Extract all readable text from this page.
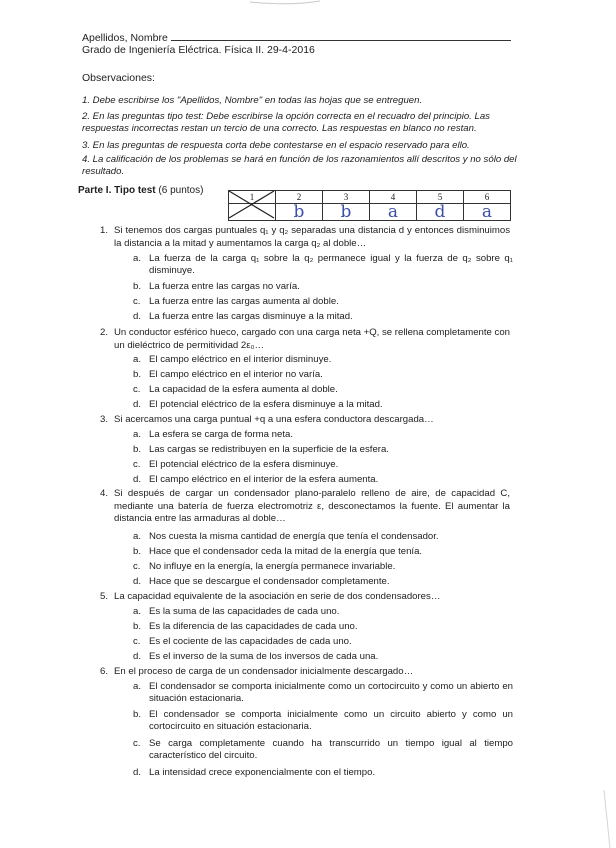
Apellidos, Nombre
Grado de Ingeniería Eléctrica. Física II. 29-4-2016
Observaciones:
1. Debe escribirse los "Apellidos, Nombre" en todas las hojas que se entreguen.
2. En las preguntas tipo test: Debe escribirse la opción correcta en el recuadro del principio. Las respuestas incorrectas restan un tercio de una correcto. Las respuestas en blanco no restan.
3. En las preguntas de respuesta corta debe contestarse en el espacio reservado para ello.
4. La calificación de los problemas se hará en función de los razonamientos allí descritos y no sólo del resultado.
Parte I. Tipo test (6 puntos)
1	2	3	4	5	6
	b	b	a	d	a
1. Si tenemos dos cargas puntuales q₁ y q₂ separadas una distancia d y entonces disminuimos la distancia a la mitad y aumentamos la carga q₂ al doble…
a. La fuerza de la carga q₁ sobre la q₂ permanece igual y la fuerza de q₂ sobre q₁ disminuye.
b. La fuerza entre las cargas no varía.
c. La fuerza entre las cargas aumenta al doble.
d. La fuerza entre las cargas disminuye a la mitad.
2. Un conductor esférico hueco, cargado con una carga neta +Q, se rellena completamente con un dieléctrico de permitividad 2ε₀…
a. El campo eléctrico en el interior disminuye.
b. El campo eléctrico en el interior no varía.
c. La capacidad de la esfera aumenta al doble.
d. El potencial eléctrico de la esfera disminuye a la mitad.
3. Si acercamos una carga puntual +q a una esfera conductora descargada…
a. La esfera se carga de forma neta.
b. Las cargas se redistribuyen en la superficie de la esfera.
c. El potencial eléctrico de la esfera disminuye.
d. El campo eléctrico en el interior de la esfera aumenta.
4. Si después de cargar un condensador plano-paralelo relleno de aire, de capacidad C, mediante una batería de fuerza electromotriz ε, desconectamos la fuente. El aumentar la distancia entre las armaduras al doble…
a. Nos cuesta la misma cantidad de energía que tenía el condensador.
b. Hace que el condensador ceda la mitad de la energía que tenía.
c. No influye en la energía, la energía permanece invariable.
d. Hace que se descargue el condensador completamente.
5. La capacidad equivalente de la asociación en serie de dos condensadores…
a. Es la suma de las capacidades de cada uno.
b. Es la diferencia de las capacidades de cada uno.
c. Es el cociente de las capacidades de cada uno.
d. Es el inverso de la suma de los inversos de cada una.
6. En el proceso de carga de un condensador inicialmente descargado…
a. El condensador se comporta inicialmente como un cortocircuito y como un abierto en situación estacionaria.
b. El condensador se comporta inicialmente como un circuito abierto y como un cortocircuito en situación estacionaria.
c. Se carga completamente cuando ha transcurrido un tiempo igual al tiempo característico del circuito.
d. La intensidad crece exponencialmente con el tiempo.
